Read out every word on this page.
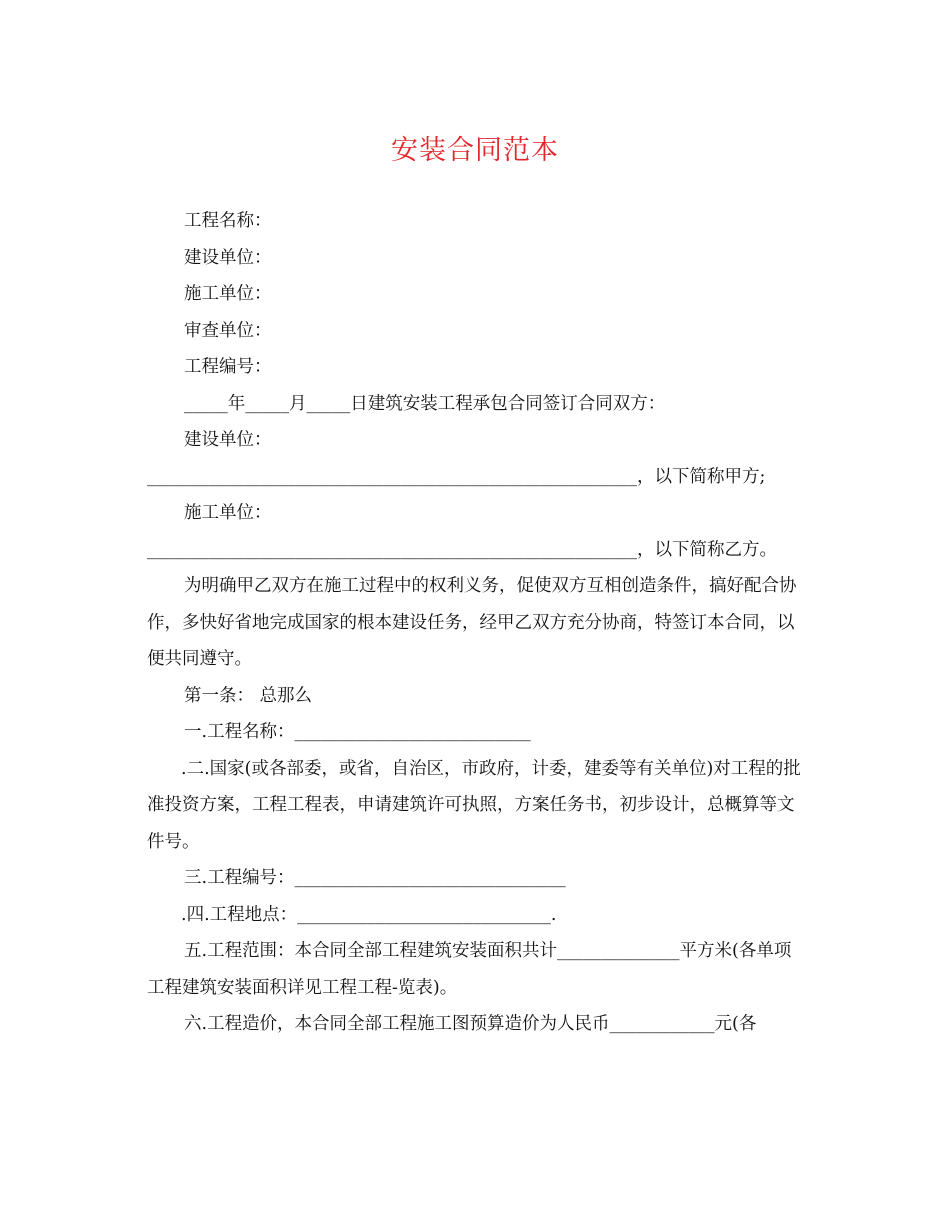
安装合同范本

工程名称：

建设单位：

施工单位：

审查单位：

工程编号：

_____年_____月_____日建筑安装工程承包合同签订合同双方：

建设单位：

________________________________________________________，以下简称甲方;

施工单位：

________________________________________________________，以下简称乙方。

为明确甲乙双方在施工过程中的权利义务，促使双方互相创造条件，搞好配合协作，多快好省地完成国家的根本建设任务，经甲乙双方充分协商，特签订本合同，以便共同遵守。

第一条： 总那么

一.工程名称：___________________________

.二.国家(或各部委，或省，自治区，市政府，计委，建委等有关单位)对工程的批准投资方案，工程工程表，申请建筑许可执照，方案任务书，初步设计，总概算等文件号。

三.工程编号：_______________________________

.四.工程地点：_____________________________.

五.工程范围：本合同全部工程建筑安装面积共计______________平方米(各单项工程建筑安装面积详见工程工程-览表)。

六.工程造价，本合同全部工程施工图预算造价为人民币____________元(各
